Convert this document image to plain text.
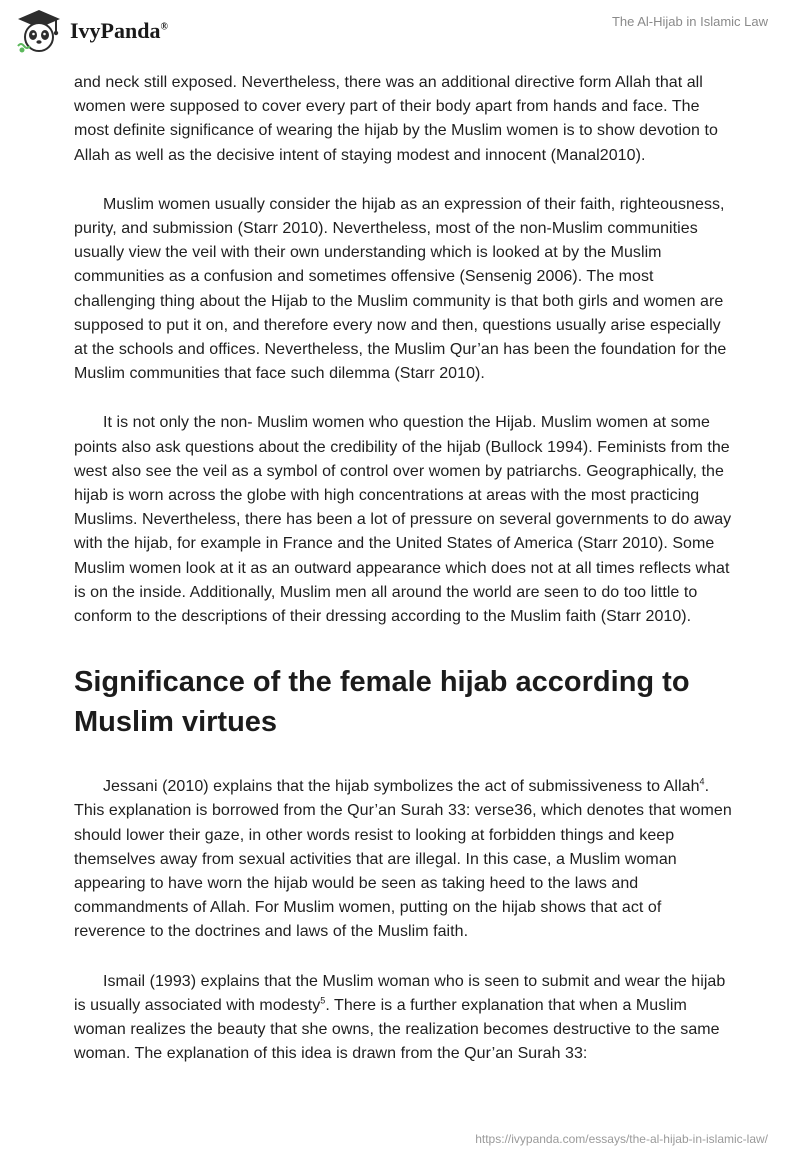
IvyPanda®	The Al-Hijab in Islamic Law

and neck still exposed. Nevertheless, there was an additional directive form Allah that all women were supposed to cover every part of their body apart from hands and face. The most definite significance of wearing the hijab by the Muslim women is to show devotion to Allah as well as the decisive intent of staying modest and innocent (Manal2010).

Muslim women usually consider the hijab as an expression of their faith, righteousness, purity, and submission (Starr 2010). Nevertheless, most of the non-Muslim communities usually view the veil with their own understanding which is looked at by the Muslim communities as a confusion and sometimes offensive (Sensenig 2006). The most challenging thing about the Hijab to the Muslim community is that both girls and women are supposed to put it on, and therefore every now and then, questions usually arise especially at the schools and offices. Nevertheless, the Muslim Qur’an has been the foundation for the Muslim communities that face such dilemma (Starr 2010).

It is not only the non- Muslim women who question the Hijab. Muslim women at some points also ask questions about the credibility of the hijab (Bullock 1994). Feminists from the west also see the veil as a symbol of control over women by patriarchs. Geographically, the hijab is worn across the globe with high concentrations at areas with the most practicing Muslims. Nevertheless, there has been a lot of pressure on several governments to do away with the hijab, for example in France and the United States of America (Starr 2010). Some Muslim women look at it as an outward appearance which does not at all times reflects what is on the inside. Additionally, Muslim men all around the world are seen to do too little to conform to the descriptions of their dressing according to the Muslim faith (Starr 2010).

Significance of the female hijab according to Muslim virtues

Jessani (2010) explains that the hijab symbolizes the act of submissiveness to Allah$^4$. This explanation is borrowed from the Qur’an Surah 33: verse36, which denotes that women should lower their gaze, in other words resist to looking at forbidden things and keep themselves away from sexual activities that are illegal. In this case, a Muslim woman appearing to have worn the hijab would be seen as taking heed to the laws and commandments of Allah. For Muslim women, putting on the hijab shows that act of reverence to the doctrines and laws of the Muslim faith.

Ismail (1993) explains that the Muslim woman who is seen to submit and wear the hijab is usually associated with modesty$^5$. There is a further explanation that when a Muslim woman realizes the beauty that she owns, the realization becomes destructive to the same woman. The explanation of this idea is drawn from the Qur’an Surah 33:

https://ivypanda.com/essays/the-al-hijab-in-islamic-law/
